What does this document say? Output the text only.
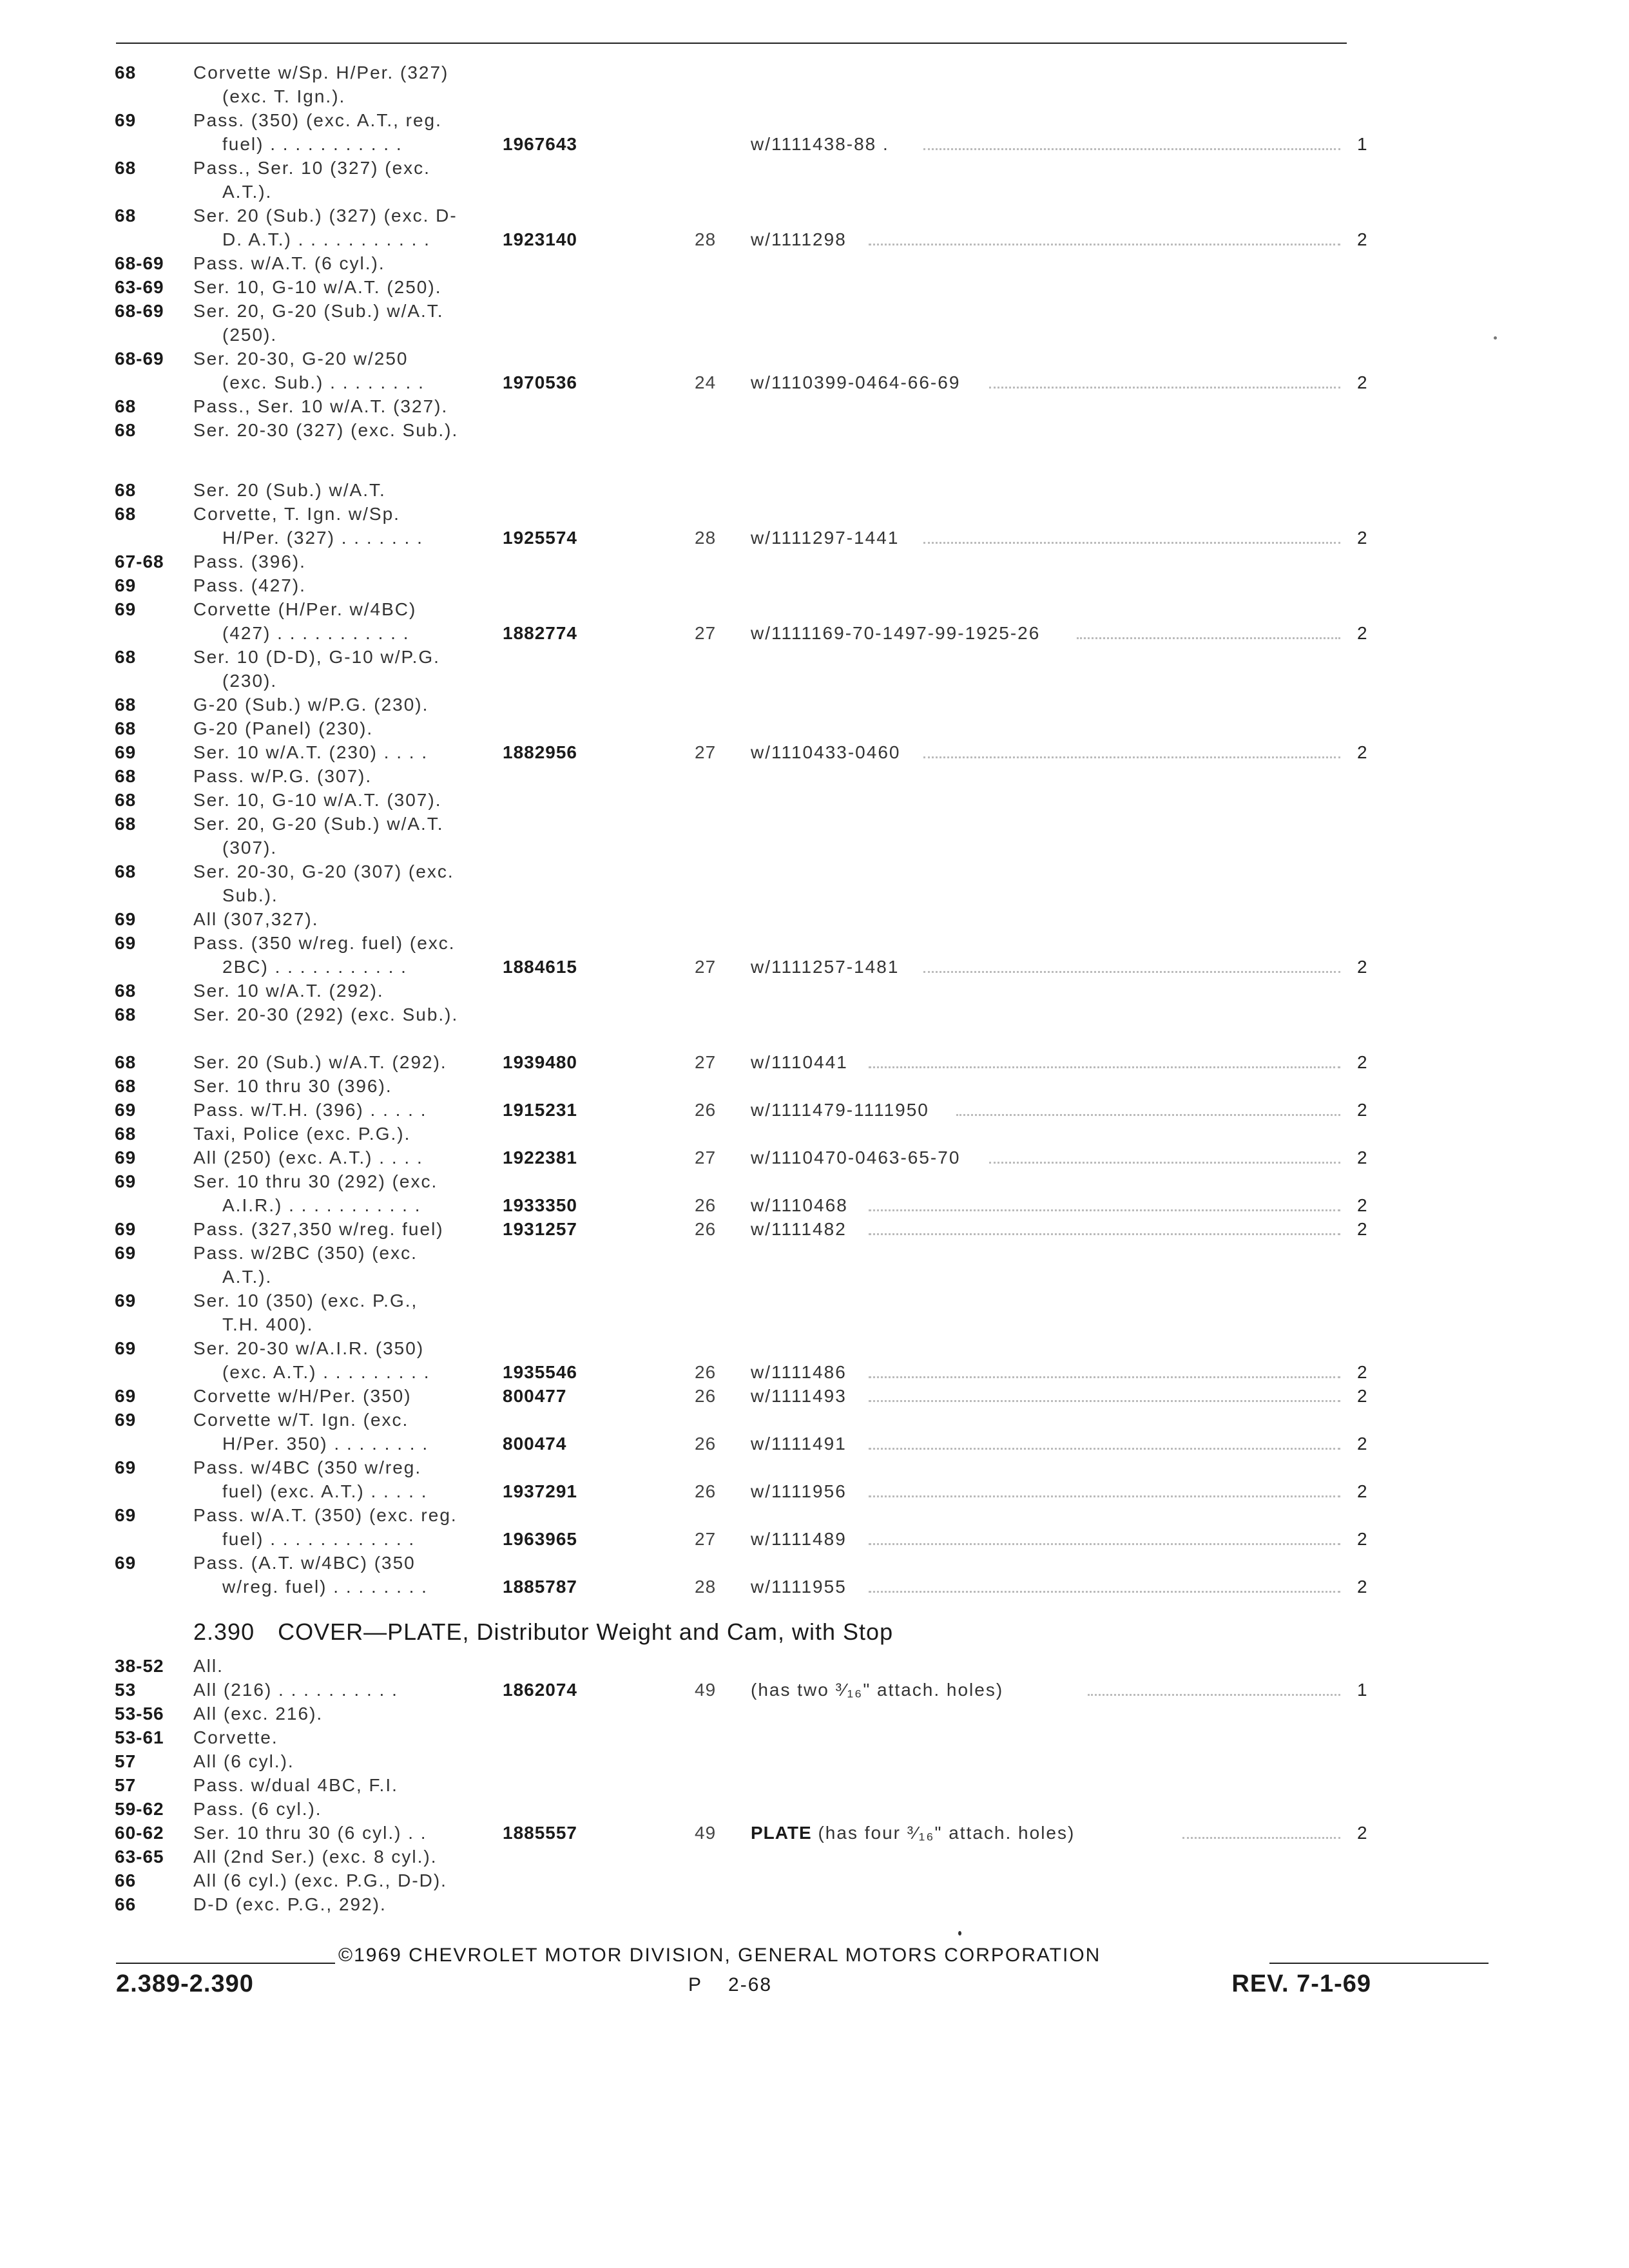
68	Corvette w/Sp. H/Per. (327)
(exc. T. Ign.).
69	Pass. (350) (exc. A.T., reg.
fuel) . . . . . . . . . . .	1967643	w/1111438-88 .	1
68	Pass., Ser. 10 (327) (exc.
A.T.).
68	Ser. 20 (Sub.) (327) (exc. D-
D. A.T.) . . . . . . . . . . .	1923140	28 w/1111298	2
68-69 Pass. w/A.T. (6 cyl.).
63-69 Ser. 10, G-10 w/A.T. (250).
68-69 Ser. 20, G-20 (Sub.) w/A.T.
(250).
68-69 Ser. 20-30, G-20 w/250
(exc. Sub.) . . . . . . . .	1970536	24 w/1110399-0464-66-69	2
68	Pass., Ser. 10 w/A.T. (327).
68	Ser. 20-30 (327) (exc. Sub.).
68	Ser. 20 (Sub.) w/A.T.
68	Corvette, T. Ign. w/Sp.
H/Per. (327) . . . . . . .	1925574	28 w/1111297-1441	2
67-68 Pass. (396).
69	Pass. (427).
69	Corvette (H/Per. w/4BC)
(427) . . . . . . . . . . .	1882774	27 w/1111169-70-1497-99-1925-26	2
68	Ser. 10 (D-D), G-10 w/P.G.
(230).
68	G-20 (Sub.) w/P.G. (230).
68	G-20 (Panel) (230).
69	Ser. 10 w/A.T. (230) . . . .	1882956	27 w/1110433-0460	2
68	Pass. w/P.G. (307).
68	Ser. 10, G-10 w/A.T. (307).
68	Ser. 20, G-20 (Sub.) w/A.T.
(307).
68	Ser. 20-30, G-20 (307) (exc.
Sub.).
69	All (307,327).
69	Pass. (350 w/reg. fuel) (exc.
2BC) . . . . . . . . . . .	1884615	27 w/1111257-1481	2
68	Ser. 10 w/A.T. (292).
68	Ser. 20-30 (292) (exc. Sub.).
68	Ser. 20 (Sub.) w/A.T. (292).	1939480	27 w/1110441	2
68	Ser. 10 thru 30 (396).
69	Pass. w/T.H. (396) . . . . .	1915231	26 w/1111479-1111950	2
68	Taxi, Police (exc. P.G.).
69	All (250) (exc. A.T.) . . . .	1922381	27 w/1110470-0463-65-70	2
69	Ser. 10 thru 30 (292) (exc.
A.I.R.) . . . . . . . . . . .	1933350	26 w/1110468	2
69	Pass. (327,350 w/reg. fuel)	1931257	26 w/1111482	2
69	Pass. w/2BC (350) (exc.
A.T.).
69	Ser. 10 (350) (exc. P.G.,
T.H. 400).
69	Ser. 20-30 w/A.I.R. (350)
(exc. A.T.) . . . . . . . . .	1935546	26 w/1111486	2
69	Corvette w/H/Per. (350)	800477	26 w/1111493	2
69	Corvette w/T. Ign. (exc.
H/Per. 350) . . . . . . . .	800474	26 w/1111491	2
69	Pass. w/4BC (350 w/reg.
fuel) (exc. A.T.) . . . . .	1937291	26 w/1111956	2
69	Pass. w/A.T. (350) (exc. reg.
fuel) . . . . . . . . . . . .	1963965	27 w/1111489	2
69	Pass. (A.T. w/4BC) (350
w/reg. fuel) . . . . . . . .	1885787	28 w/1111955	2
38-52 All.
53	All (216) . . . . . . . . . .	1862074	49 (has two ³⁄₁₆" attach. holes)	1
53-56 All (exc. 216).
53-61 Corvette.
57	All (6 cyl.).
57	Pass. w/dual 4BC, F.I.
59-62 Pass. (6 cyl.).
60-62 Ser. 10 thru 30 (6 cyl.) . .	1885557	49 PLATE (has four ³⁄₁₆" attach. holes)	2
63-65 All (2nd Ser.) (exc. 8 cyl.).
66	All (6 cyl.) (exc. P.G., D-D).
66	D-D (exc. P.G., 292).
2.390 COVER—PLATE, Distributor Weight and Cam, with Stop
©1969 CHEVROLET MOTOR DIVISION, GENERAL MOTORS CORPORATION
2.389-2.390	P 2-68	REV. 7-1-69
